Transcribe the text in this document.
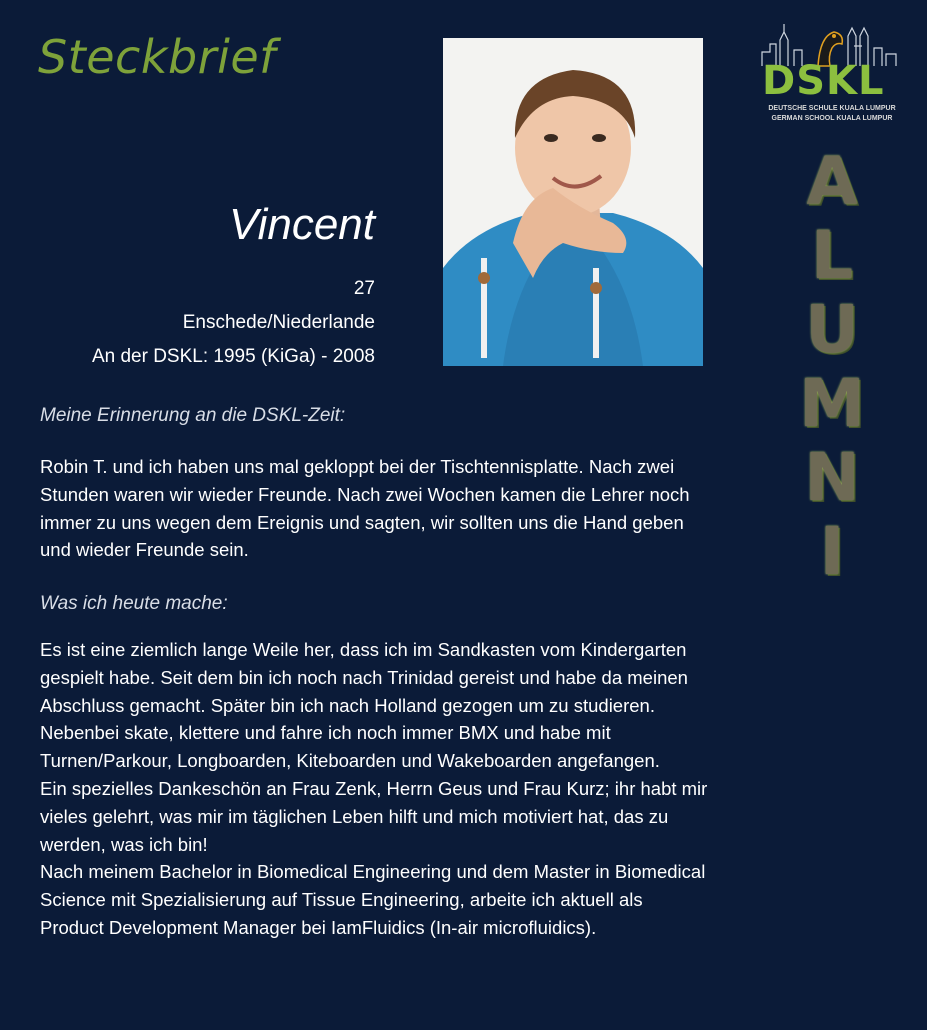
Steckbrief
Vincent
27
Enschede/Niederlande
An der DSKL: 1995 (KiGa) - 2008
DSKL
DEUTSCHE SCHULE KUALA LUMPUR
GERMAN SCHOOL KUALA LUMPUR
A
L
U
M
N
I
Meine Erinnerung an die DSKL-Zeit:

Robin T. und ich haben uns mal gekloppt bei der Tischtennisplatte. Nach zwei Stunden waren wir wieder Freunde. Nach zwei Wochen kamen die Lehrer noch immer zu uns wegen dem Ereignis und sagten, wir sollten uns die Hand geben und wieder Freunde sein.

Was ich heute mache:

Es ist eine ziemlich lange Weile her, dass ich im Sandkasten vom Kindergarten gespielt habe. Seit dem bin ich noch nach Trinidad gereist und habe da meinen Abschluss gemacht. Später bin ich nach Holland gezogen um zu studieren. Nebenbei skate, klettere und fahre ich noch immer BMX und habe mit Turnen/Parkour, Longboarden, Kiteboarden und Wakeboarden angefangen.

Ein spezielles Dankeschön an Frau Zenk, Herrn Geus und Frau Kurz; ihr habt mir vieles gelehrt, was mir im täglichen Leben hilft und mich motiviert hat, das zu werden, was ich bin!

Nach meinem Bachelor in Biomedical Engineering und dem Master in Biomedical Science mit Spezialisierung auf Tissue Engineering, arbeite ich aktuell als Product Development Manager bei IamFluidics (In-air microfluidics).
